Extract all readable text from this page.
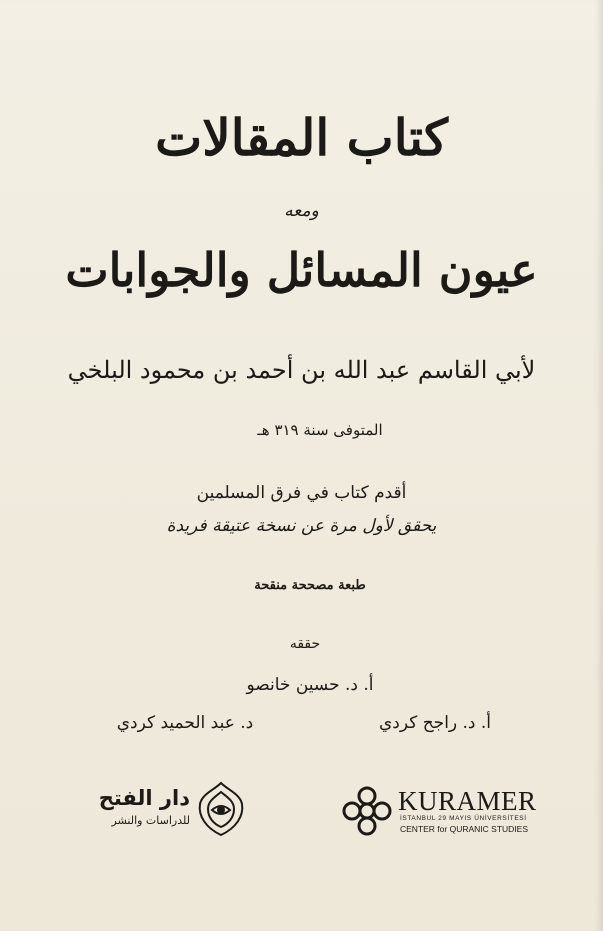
كتاب المقالات
ومعه
عيون المسائل والجوابات
لأبي القاسم عبد الله بن أحمد بن محمود البلخي
المتوفى سنة ٣١٩ هـ
أقدم كتاب في فرق المسلمين
يحقق لأول مرة عن نسخة عتيقة فريدة
طبعة مصححة منقحة
حققه
أ. د. حسين خانصو
أ. د. راجح كردي
د. عبد الحميد كردي
دار الفتح
للدراسات والنشر
KURAMER
İSTANBUL 29 MAYIS ÜNİVERSİTESİ
CENTER for QURANIC STUDIES
